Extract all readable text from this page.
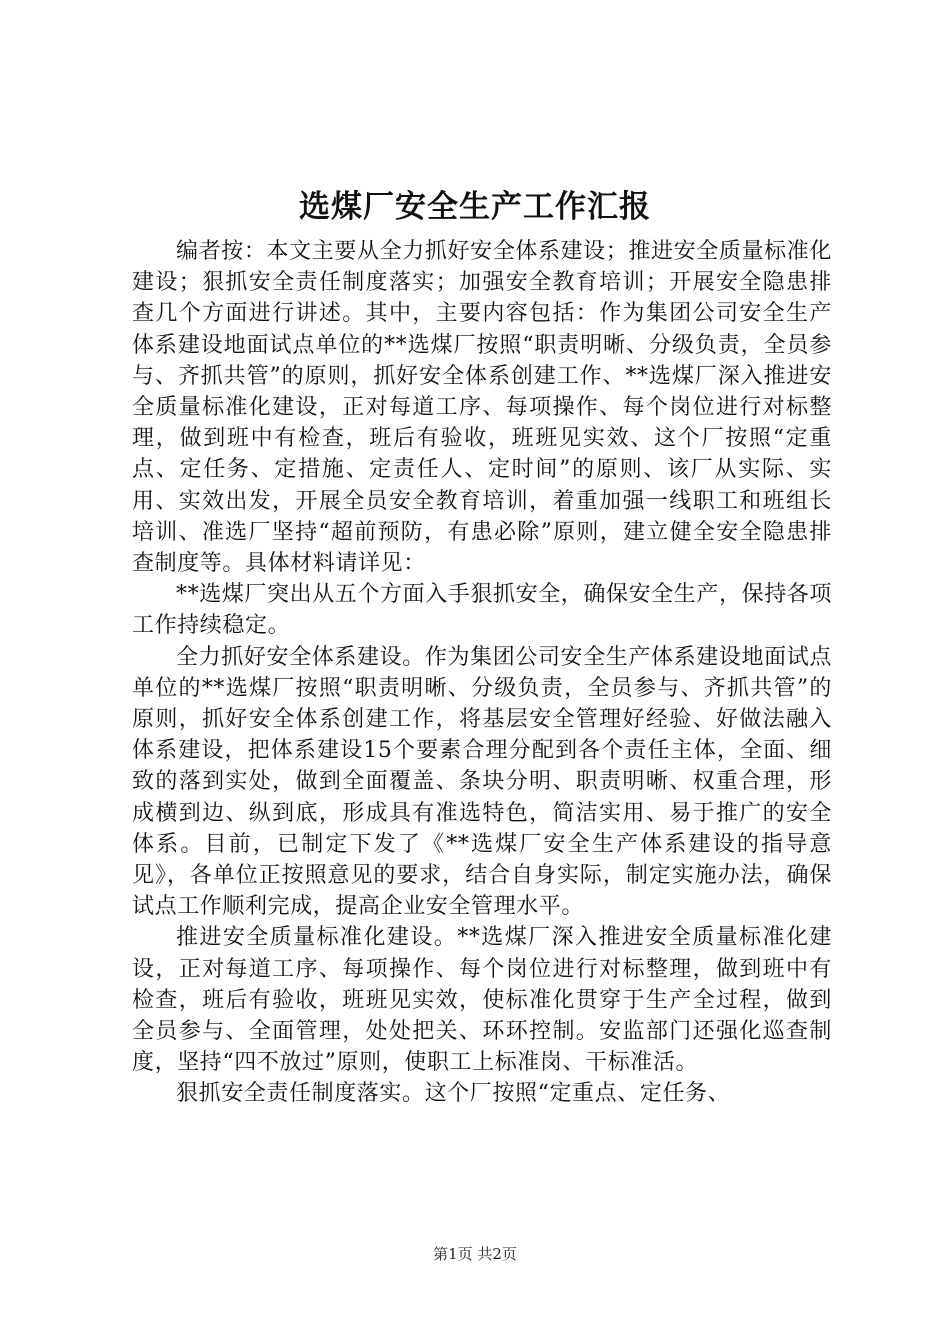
选煤厂安全生产工作汇报

编者按：本文主要从全力抓好安全体系建设；推进安全质量标准化建设；狠抓安全责任制度落实；加强安全教育培训；开展安全隐患排查几个方面进行讲述。其中，主要内容包括：作为集团公司安全生产体系建设地面试点单位的**选煤厂按照“职责明晰、分级负责，全员参与、齐抓共管”的原则，抓好安全体系创建工作、**选煤厂深入推进安全质量标准化建设，正对每道工序、每项操作、每个岗位进行对标整理，做到班中有检查，班后有验收，班班见实效、这个厂按照“定重点、定任务、定措施、定责任人、定时间”的原则、该厂从实际、实用、实效出发，开展全员安全教育培训，着重加强一线职工和班组长培训、准选厂坚持“超前预防，有患必除”原则，建立健全安全隐患排查制度等。具体材料请详见：

**选煤厂突出从五个方面入手狠抓安全，确保安全生产，保持各项工作持续稳定。

全力抓好安全体系建设。作为集团公司安全生产体系建设地面试点单位的**选煤厂按照“职责明晰、分级负责，全员参与、齐抓共管”的原则，抓好安全体系创建工作，将基层安全管理好经验、好做法融入体系建设，把体系建设15个要素合理分配到各个责任主体，全面、细致的落到实处，做到全面覆盖、条块分明、职责明晰、权重合理，形成横到边、纵到底，形成具有准选特色，简洁实用、易于推广的安全体系。目前，已制定下发了《**选煤厂安全生产体系建设的指导意见》，各单位正按照意见的要求，结合自身实际，制定实施办法，确保试点工作顺利完成，提高企业安全管理水平。

推进安全质量标准化建设。**选煤厂深入推进安全质量标准化建设，正对每道工序、每项操作、每个岗位进行对标整理，做到班中有检查，班后有验收，班班见实效，使标准化贯穿于生产全过程，做到全员参与、全面管理，处处把关、环环控制。安监部门还强化巡查制度，坚持“四不放过”原则，使职工上标准岗、干标准活。

狠抓安全责任制度落实。这个厂按照“定重点、定任务、

第1页 共2页
